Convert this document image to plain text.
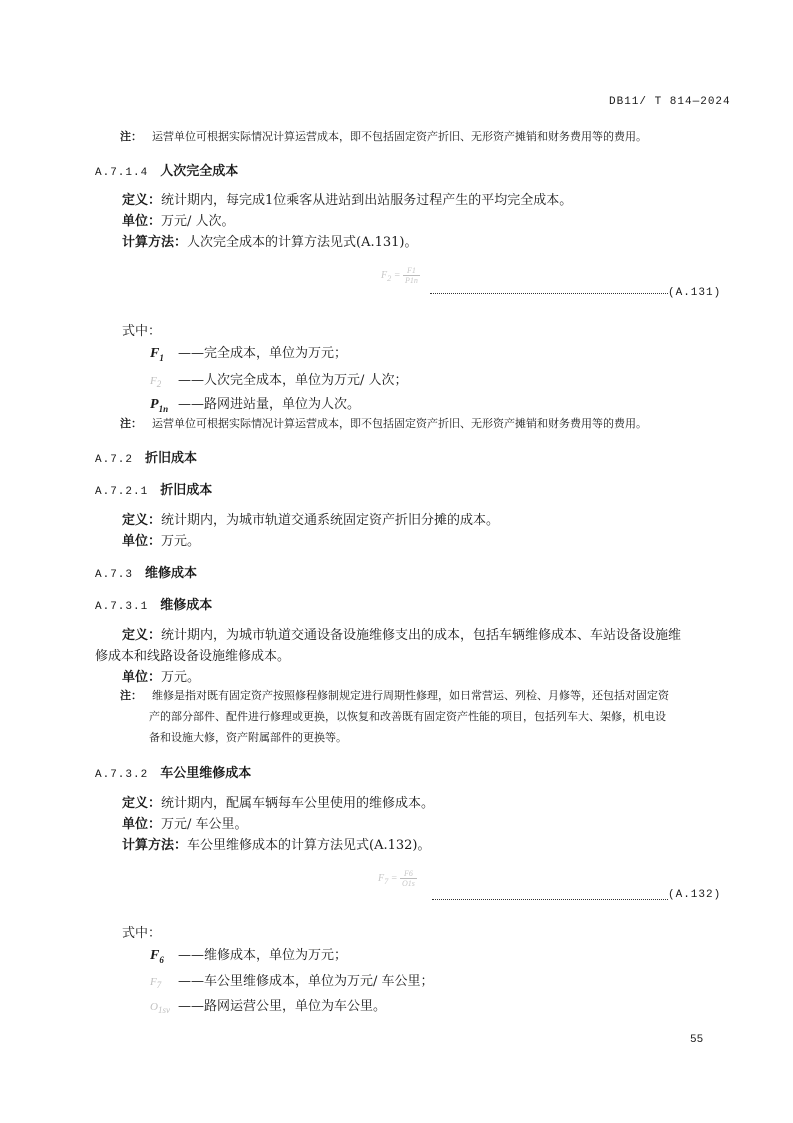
DB11/ T 814—2024
注： 运营单位可根据实际情况计算运营成本，即不包括固定资产折旧、无形资产摊销和财务费用等的费用。
A.7.1.4 人次完全成本
定义：统计期内，每完成1位乘客从进站到出站服务过程产生的平均完全成本。
单位：万元/ 人次。
计算方法：人次完全成本的计算方法见式(A.131)。
$F_2 = \frac{F1}{P1n}$
(A.131)
式中：
$F_1$ ——完全成本，单位为万元；
$F_2$ ——人次完全成本，单位为万元/ 人次；
$P_{1n}$ ——路网进站量，单位为人次。
注： 运营单位可根据实际情况计算运营成本，即不包括固定资产折旧、无形资产摊销和财务费用等的费用。
A.7.2 折旧成本
A.7.2.1 折旧成本
定义：统计期内，为城市轨道交通系统固定资产折旧分摊的成本。
单位：万元。
A.7.3 维修成本
A.7.3.1 维修成本
定义：统计期内，为城市轨道交通设备设施维修支出的成本，包括车辆维修成本、车站设备设施维
修成本和线路设备设施维修成本。
单位：万元。
注： 维修是指对既有固定资产按照修程修制规定进行周期性修理，如日常营运、列检、月修等，还包括对固定资
产的部分部件、配件进行修理或更换，以恢复和改善既有固定资产性能的项目，包括列车大、架修，机电设
备和设施大修，资产附属部件的更换等。
A.7.3.2 车公里维修成本
定义：统计期内，配属车辆每车公里使用的维修成本。
单位：万元/ 车公里。
计算方法：车公里维修成本的计算方法见式(A.132)。
$F_7 = \frac{F6}{O1s}$
(A.132)
式中：
$F_6$ ——维修成本，单位为万元；
$F_7$ ——车公里维修成本，单位为万元/ 车公里；
$O_{1sv}$ ——路网运营公里，单位为车公里。
55
